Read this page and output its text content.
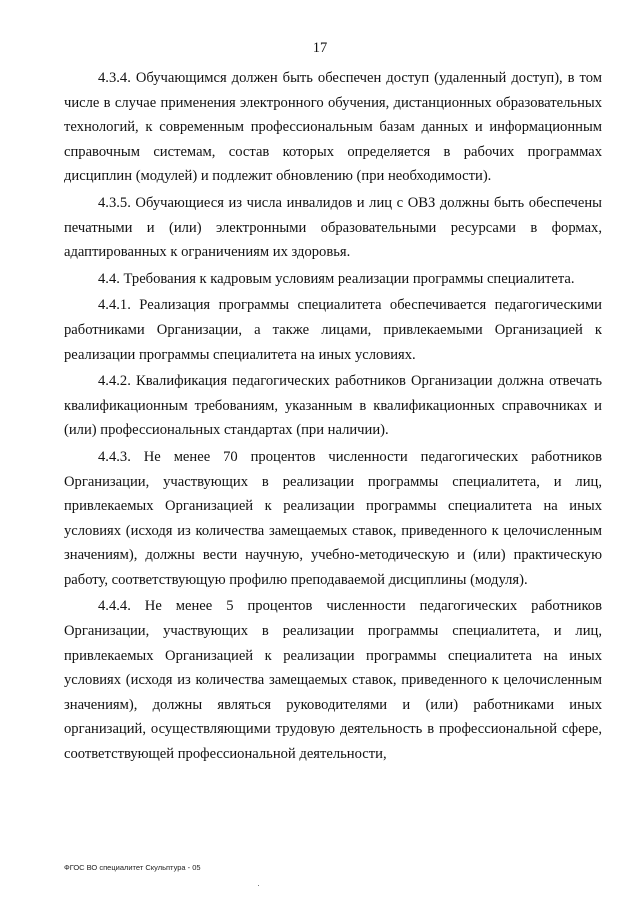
17

4.3.4. Обучающимся должен быть обеспечен доступ (удаленный доступ), в том числе в случае применения электронного обучения, дистанционных образовательных технологий, к современным профессиональным базам данных и информационным справочным системам, состав которых определяется в рабочих программах дисциплин (модулей) и подлежит обновлению (при необходимости).

4.3.5. Обучающиеся из числа инвалидов и лиц с ОВЗ должны быть обеспечены печатными и (или) электронными образовательными ресурсами в формах, адаптированных к ограничениям их здоровья.

4.4. Требования к кадровым условиям реализации программы специалитета.

4.4.1. Реализация программы специалитета обеспечивается педагогическими работниками Организации, а также лицами, привлекаемыми Организацией к реализации программы специалитета на иных условиях.

4.4.2. Квалификация педагогических работников Организации должна отвечать квалификационным требованиям, указанным в квалификационных справочниках и (или) профессиональных стандартах (при наличии).

4.4.3. Не менее 70 процентов численности педагогических работников Организации, участвующих в реализации программы специалитета, и лиц, привлекаемых Организацией к реализации программы специалитета на иных условиях (исходя из количества замещаемых ставок, приведенного к целочисленным значениям), должны вести научную, учебно-методическую и (или) практическую работу, соответствующую профилю преподаваемой дисциплины (модуля).

4.4.4. Не менее 5 процентов численности педагогических работников Организации, участвующих в реализации программы специалитета, и лиц, привлекаемых Организацией к реализации программы специалитета на иных условиях (исходя из количества замещаемых ставок, приведенного к целочисленным значениям), должны являться руководителями и (или) работниками иных организаций, осуществляющими трудовую деятельность в профессиональной сфере, соответствующей профессиональной деятельности,

ФГОС ВО специалитет Скульптура - 05
